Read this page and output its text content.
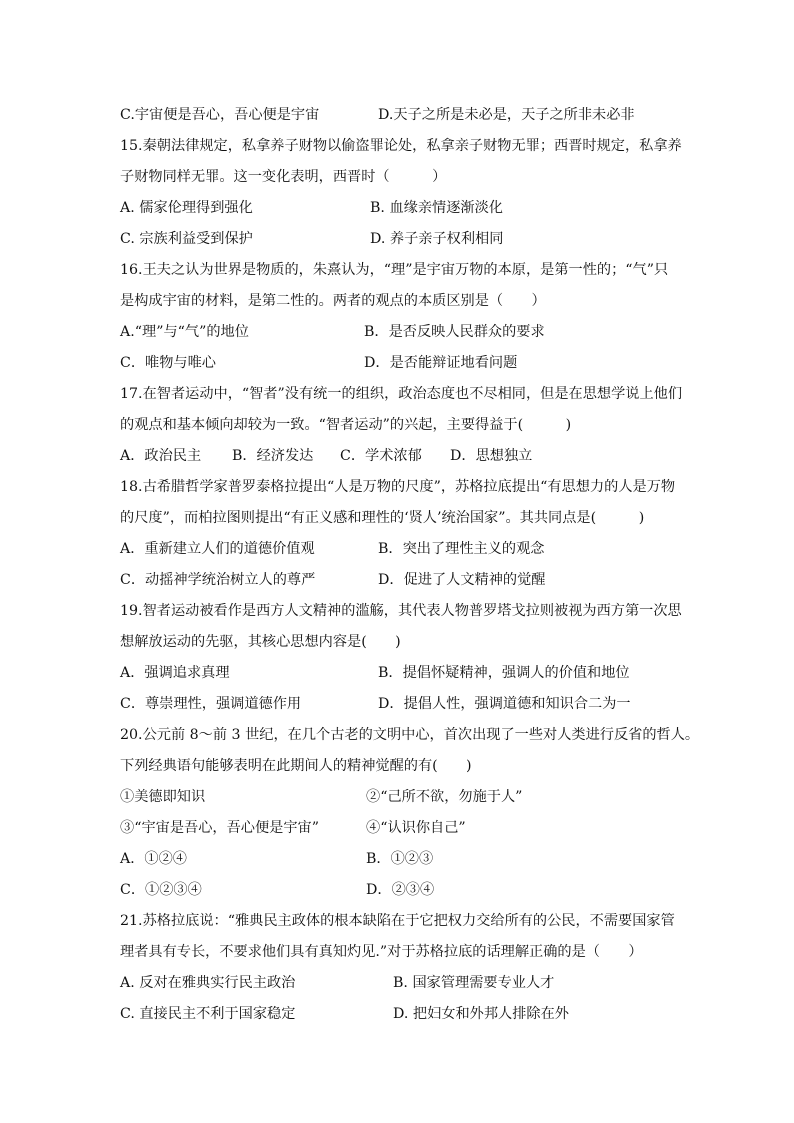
C.宇宙便是吾心，吾心便是宇宙	D.天子之所是未必是，天子之所非未必非
15.秦朝法律规定，私拿养子财物以偷盗罪论处，私拿亲子财物无罪；西晋时规定，私拿养
子财物同样无罪。这一变化表明，西晋时（　　　）
A. 儒家伦理得到强化	B. 血缘亲情逐渐淡化
C. 宗族利益受到保护	D. 养子亲子权利相同
16.王夫之认为世界是物质的，朱熹认为，“理”是宇宙万物的本原，是第一性的；“气”只
是构成宇宙的材料，是第二性的。两者的观点的本质区别是（　　）
A.“理”与“气”的地位	B．是否反映人民群众的要求
C．唯物与唯心	D．是否能辩证地看问题
17.在智者运动中，“智者”没有统一的组织，政治态度也不尽相同，但是在思想学说上他们
的观点和基本倾向却较为一致。“智者运动”的兴起，主要得益于(　　　)
A．政治民主 B．经济发达 C．学术浓郁 D．思想独立
18.古希腊哲学家普罗泰格拉提出“人是万物的尺度”，苏格拉底提出“有思想力的人是万物
的尺度”，而柏拉图则提出“有正义感和理性的‘贤人’统治国家”。其共同点是(　　　)
A．重新建立人们的道德价值观	B．突出了理性主义的观念
C．动摇神学统治树立人的尊严	D．促进了人文精神的觉醒
19.智者运动被看作是西方人文精神的滥觞，其代表人物普罗塔戈拉则被视为西方第一次思
想解放运动的先驱，其核心思想内容是(　　)
A．强调追求真理	B．提倡怀疑精神，强调人的价值和地位
C．尊崇理性，强调道德作用	D．提倡人性，强调道德和知识合二为一
20.公元前 8～前 3 世纪，在几个古老的文明中心，首次出现了一些对人类进行反省的哲人。
下列经典语句能够表明在此期间人的精神觉醒的有(　　)
①美德即知识	②“己所不欲，勿施于人”
③“宇宙是吾心，吾心便是宇宙”	④“认识你自己”
A．①②④	B．①②③
C．①②③④	D．②③④
21.苏格拉底说：“雅典民主政体的根本缺陷在于它把权力交给所有的公民，不需要国家管
理者具有专长，不要求他们具有真知灼见.”对于苏格拉底的话理解正确的是（　　）
A. 反对在雅典实行民主政治	B. 国家管理需要专业人才
C. 直接民主不利于国家稳定	D. 把妇女和外邦人排除在外
